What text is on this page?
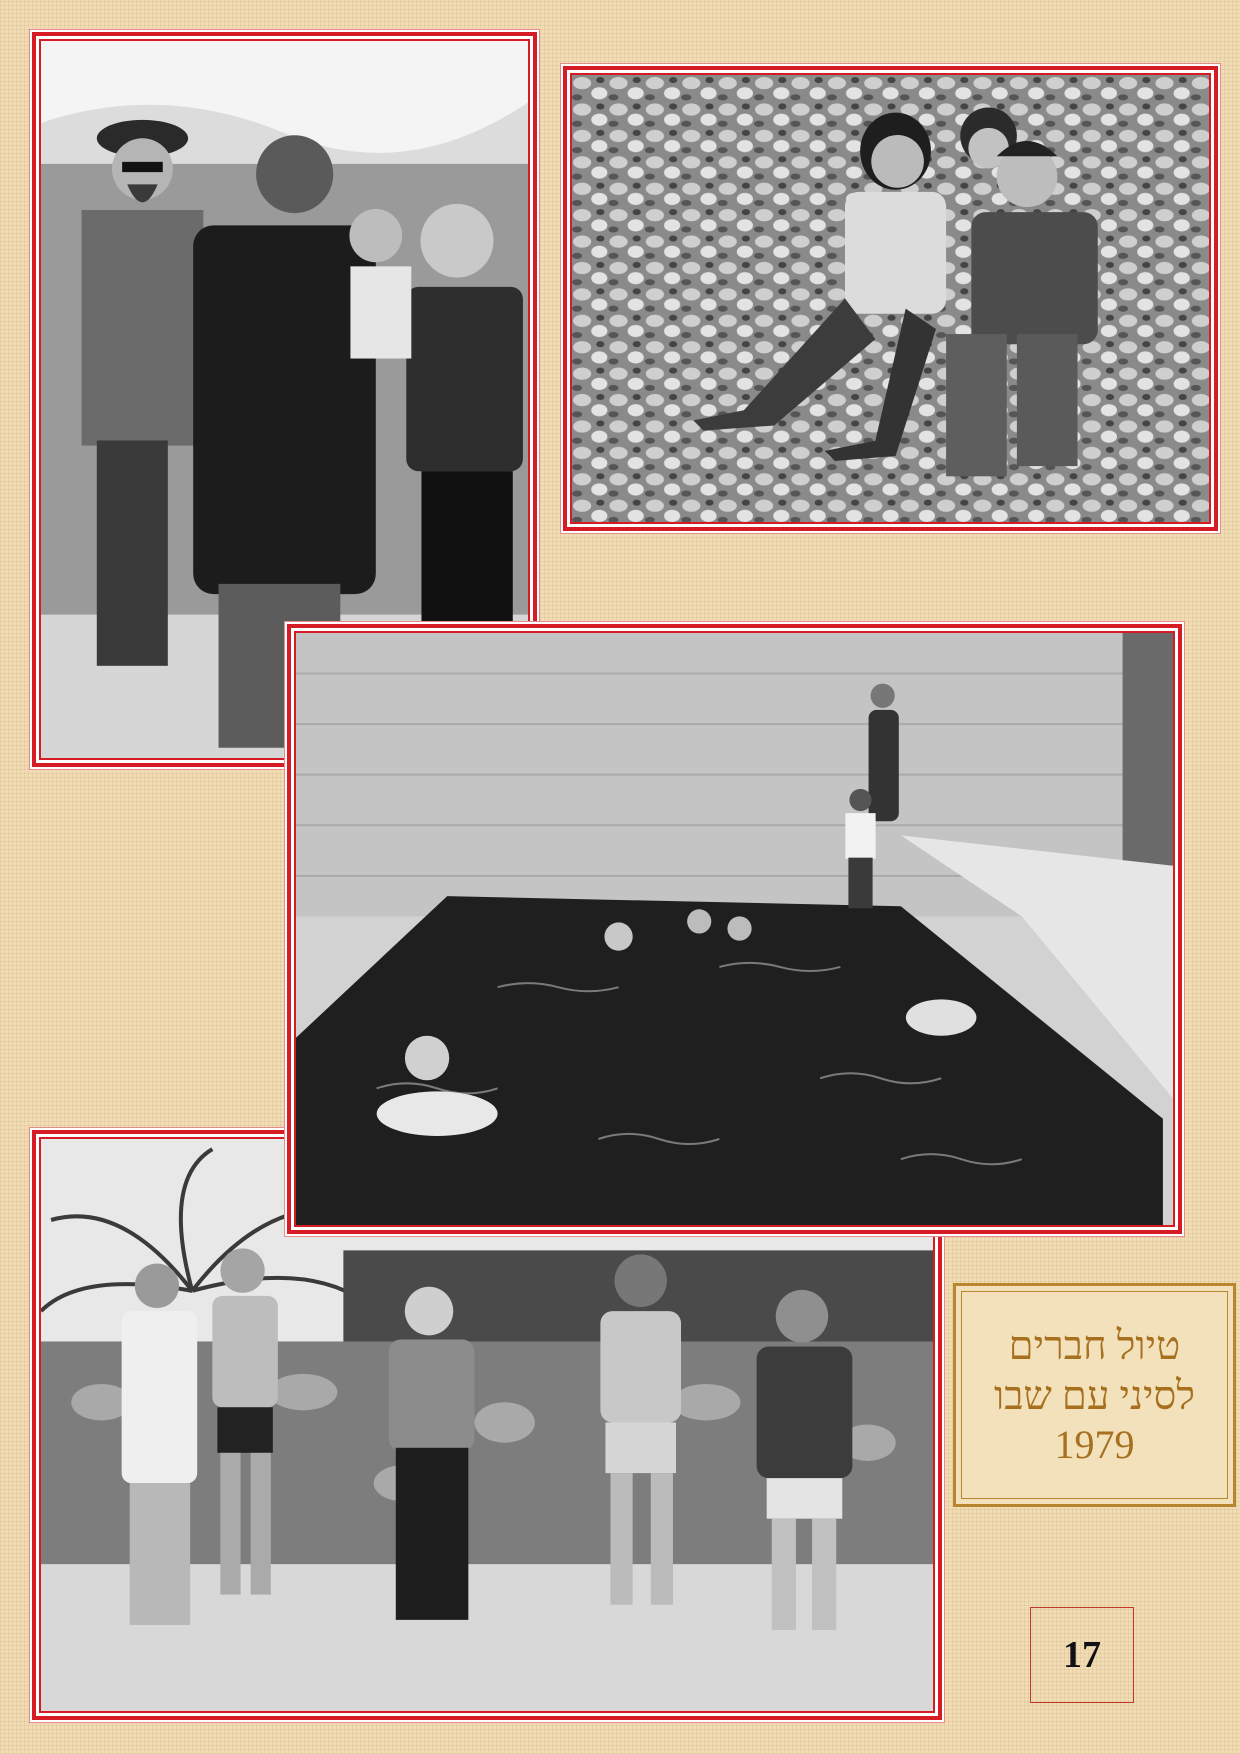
טיול חברים
לסיני עם שבו
1979
17
